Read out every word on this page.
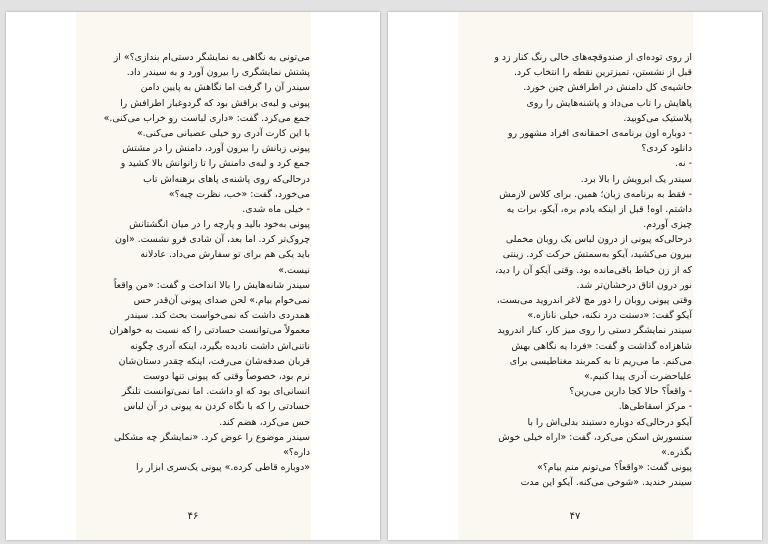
می‌تونی به نگاهی به نمایشگر دستی‌ام بندازی؟» از
پشتش نمایشگری را بیرون آورد و به سیندر داد.
سیندر آن را گرفت اما نگاهش به پایین دامن
پیونی و لبه‌ی براقش بود که گرد‌وغبار اطرافش را
جمع می‌کرد. گفت: «داری لباست رو خراب می‌کنی.»
با این کارت آدری رو خیلی عصبانی می‌کنی.»
پیونی زبانش را بیرون آورد، دامنش را در مشتش
جمع کرد و لبه‌ی دامنش را تا زانوانش بالا کشید و
درحالی‌که روی پاشنه‌ی پاهای برهنه‌اش تاب
می‌خورد، گفت: «خب، نظرت چیه؟»
- خیلی ماه شدی.
پیونی به‌خود بالید و پارچه را در میان انگشتانش
چروک‌تر کرد. اما بعد، آن شادی فرو نشست. «اون
باید یکی هم برای تو سفارش می‌داد. عادلانه
نیست.»
سیندر شانه‌هایش را بالا انداخت و گفت: «من واقعاً
نمی‌خوام بیام.» لحن صدای پیونی آن‌قدر حس
همدردی داشت که نمی‌خواست بحث کند. سیندر
معمولاً می‌توانست حسادتی را که نسبت به خواهران
ناتنی‌اش داشت نادیده بگیرد، اینکه آدری چگونه
قربان صدقه‌شان می‌رفت، اینکه چقدر دستان‌شان
نرم بود، خصوصاً وقتی که پیونی تنها دوست
انسانی‌ای بود که او داشت. اما نمی‌توانست تلنگر
حسادتی را که با نگاه کردن به پیونی در آن لباس
حس می‌کرد، هضم کند.
سیندر موضوع را عوض کرد. «نمایشگر چه مشکلی
داره؟»
«دوباره قاطی کرده.» پیونی یک‌سری ابزار را
۴۶
از روی توده‌ای از صندوقچه‌های خالی رنگ کنار زد و
قبل از نشستن، تمیزترین نقطه را انتخاب کرد.
حاشیه‌ی کل دامنش در اطرافش چین خورد.
پاهایش را تاب می‌داد و پاشنه‌هایش را روی
پلاستیک می‌کوبید.
- دوباره اون برنامه‌ی احمقانه‌ی افراد مشهور رو
دانلود کردی؟
- نه.
سیندر یک ابرویش را بالا برد.
- فقط به برنامه‌ی زبان؛ همین. برای کلاس لازمش
داشتم. اوه! قبل از اینکه یادم بره، آیکو، برات یه
چیزی آوردم.
درحالی‌که پیونی از درون لباس یک روبان مخملی
بیرون می‌کشید، آیکو به‌سمتش حرکت کرد. زینتی
که از زن خیاط باقی‌مانده بود. وقتی آیکو آن را دید،
نور درون اتاق درخشان‌تر شد.
وقتی پیونی روبان را دور مچ لاغر اندروید می‌بست،
آیکو گفت: «دستت درد نکنه، خیلی نانازه.»
سیندر نمایشگر دستی را روی میز کار، کنار اندروید
شاهزاده گذاشت و گفت: «فردا یه نگاهی بهش
می‌کنم. ما می‌ریم تا به کمربند مغناطیسی برای
علیاحضرت آدری پیدا کنیم.»
- واقعاً؟ حالا کجا دارین می‌رین؟
- مرکز اسقاطی‌ها.
آیکو درحالی‌که دوباره دستبند بدلی‌اش را با
سنسورش اسکن می‌کرد، گفت: «اراه خیلی خوش
بگذره.»
پیونی گفت: «واقعاً؟ می‌تونم منم بیام؟»
سیندر خندید. «شوخی می‌کنه. آیکو این مدت
۴۷
